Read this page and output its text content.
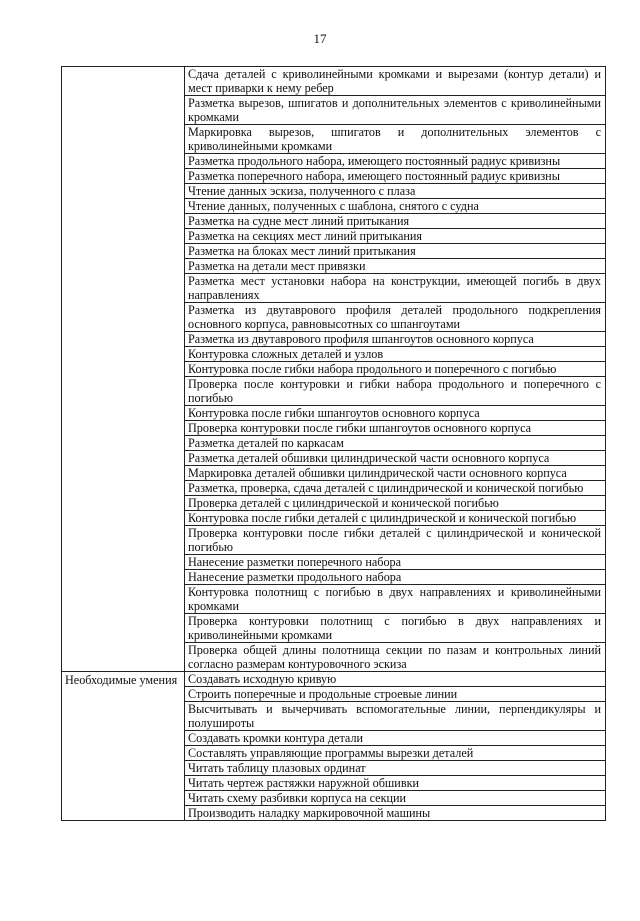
17
	Сдача деталей с криволинейными кромками и вырезами (контур детали) и мест приварки к нему ребер
	Разметка вырезов, шпигатов и дополнительных элементов с криволинейными кромками
	Маркировка вырезов, шпигатов и дополнительных элементов с криволинейными кромками
	Разметка продольного набора, имеющего постоянный радиус кривизны
	Разметка поперечного набора, имеющего постоянный радиус кривизны
	Чтение данных эскиза, полученного с плаза
	Чтение данных, полученных с шаблона, снятого с судна
	Разметка на судне мест линий притыкания
	Разметка на секциях мест линий притыкания
	Разметка на блоках мест линий притыкания
	Разметка на детали мест привязки
	Разметка мест установки набора на конструкции, имеющей погибь в двух направлениях
	Разметка из двутаврового профиля деталей продольного подкрепления основного корпуса, равновысотных со шпангоутами
	Разметка из двутаврового профиля шпангоутов основного корпуса
	Контуровка сложных деталей и узлов
	Контуровка после гибки набора продольного и поперечного с погибью
	Проверка после контуровки и гибки набора продольного и поперечного с погибью
	Контуровка после гибки шпангоутов основного корпуса
	Проверка контуровки после гибки шпангоутов основного корпуса
	Разметка деталей по каркасам
	Разметка деталей обшивки цилиндрической части основного корпуса
	Маркировка деталей обшивки цилиндрической части основного корпуса
	Разметка, проверка, сдача деталей с цилиндрической и конической погибью
	Проверка деталей с цилиндрической и конической погибью
	Контуровка после гибки деталей с цилиндрической и конической погибью
	Проверка контуровки после гибки деталей с цилиндрической и конической погибью
	Нанесение разметки поперечного набора
	Нанесение разметки продольного набора
	Контуровка полотнищ с погибью в двух направлениях и криволинейными кромками
	Проверка контуровки полотнищ с погибью в двух направлениях и криволинейными кромками
	Проверка общей длины полотнища секции по пазам и контрольных линий согласно размерам контуровочного эскиза

Необходимые умения	Создавать исходную кривую
	Строить поперечные и продольные строевые линии
	Высчитывать и вычерчивать вспомогательные линии, перпендикуляры и полуширoты
	Создавать кромки контура детали
	Составлять управляющие программы вырезки деталей
	Читать таблицу плазовых ординат
	Читать чертеж растяжки наружной обшивки
	Читать схему разбивки корпуса на секции
	Производить наладку маркировочной машины
